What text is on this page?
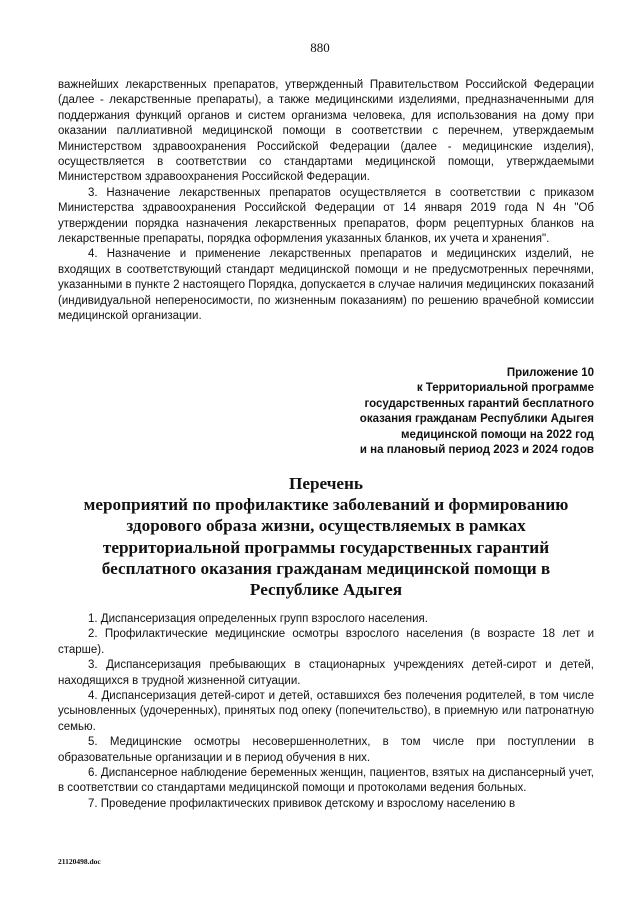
880

важнейших лекарственных препаратов, утвержденный Правительством Российской Федерации (далее - лекарственные препараты), а также медицинскими изделиями, предназначенными для поддержания функций органов и систем организма человека, для использования на дому при оказании паллиативной медицинской помощи в соответствии с перечнем, утверждаемым Министерством здравоохранения Российской Федерации (далее - медицинские изделия), осуществляется в соответствии со стандартами медицинской помощи, утверждаемыми Министерством здравоохранения Российской Федерации.

3. Назначение лекарственных препаратов осуществляется в соответствии с приказом Министерства здравоохранения Российской Федерации от 14 января 2019 года N 4н "Об утверждении порядка назначения лекарственных препаратов, форм рецептурных бланков на лекарственные препараты, порядка оформления указанных бланков, их учета и хранения".

4. Назначение и применение лекарственных препаратов и медицинских изделий, не входящих в соответствующий стандарт медицинской помощи и не предусмотренных перечнями, указанными в пункте 2 настоящего Порядка, допускается в случае наличия медицинских показаний (индивидуальной непереносимости, по жизненным показаниям) по решению врачебной комиссии медицинской организации.

Приложение 10
к Территориальной программе
государственных гарантий бесплатного
оказания гражданам Республики Адыгея
медицинской помощи на 2022 год
и на плановый период 2023 и 2024 годов
Перечень
мероприятий по профилактике заболеваний и формированию
здорового образа жизни, осуществляемых в рамках
территориальной программы государственных гарантий
бесплатного оказания гражданам медицинской помощи в
Республике Адыгея

1. Диспансеризация определенных групп взрослого населения.

2. Профилактические медицинские осмотры взрослого населения (в возрасте 18 лет и старше).

3. Диспансеризация пребывающих в стационарных учреждениях детей-сирот и детей, находящихся в трудной жизненной ситуации.

4. Диспансеризация детей-сирот и детей, оставшихся без полечения родителей, в том числе усыновленных (удочеренных), принятых под опеку (попечительство), в приемную или патронатную семью.

5. Медицинские осмотры несовершеннолетних, в том числе при поступлении в образовательные организации и в период обучения в них.

6. Диспансерное наблюдение беременных женщин, пациентов, взятых на диспансерный учет, в соответствии со стандартами медицинской помощи и протоколами ведения больных.

7. Проведение профилактических прививок детскому и взрослому населению в

21120498.doc
